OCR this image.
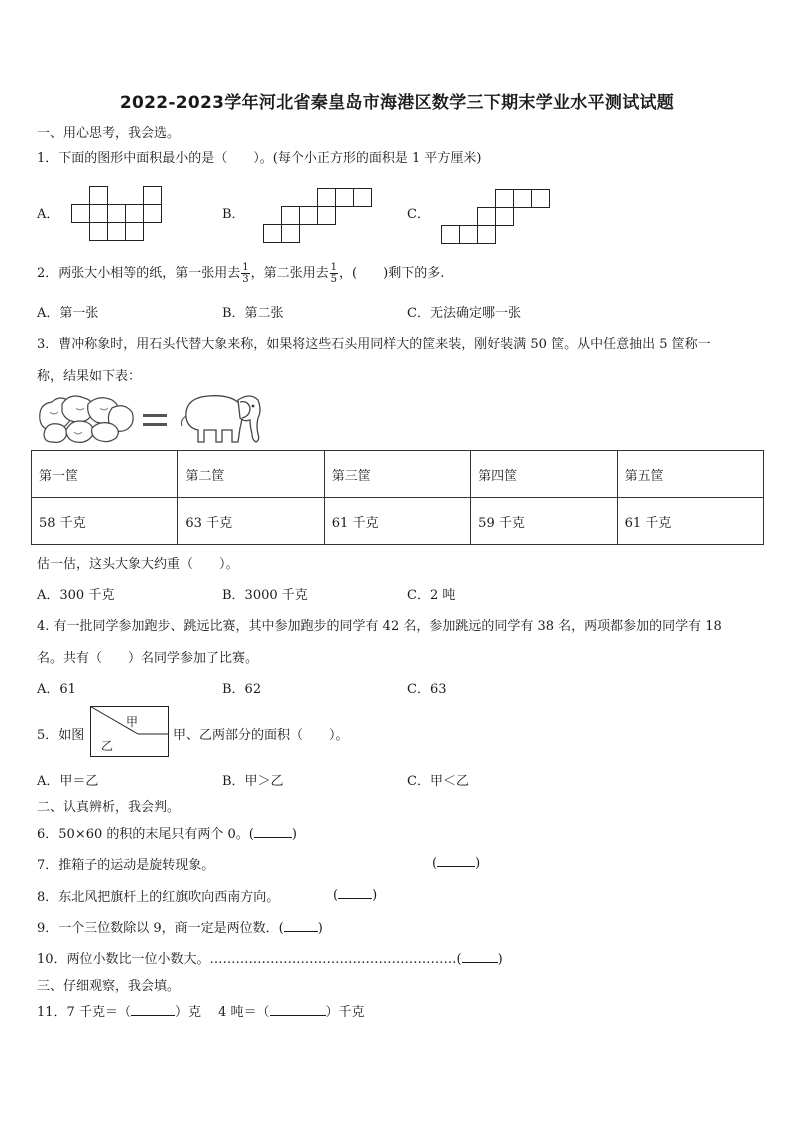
2022-2023学年河北省秦皇岛市海港区数学三下期末学业水平测试试题
一、用心思考，我会选。
1．下面的图形中面积最小的是（　　）。(每个小正方形的面积是 1 平方厘米)
A．	B．	C．
2．两张大小相等的纸，第一张用去 $\frac{1}{3}$ ，第二张用去 $\frac{1}{5}$ ，(　　)剩下的多.
A．第一张	B．第二张	C．无法确定哪一张
3．曹冲称象时，用石头代替大象来称，如果将这些石头用同样大的筐来装，刚好装满 50 筐。从中任意抽出 5 筐称一
称，结果如下表：
第一筐	第二筐	第三筐	第四筐	第五筐
58 千克	63 千克	61 千克	59 千克	61 千克
估一估，这头大象大约重（　　）。
A．300 千克	B．3000 千克	C．2 吨
4. 有一批同学参加跑步、跳远比赛，其中参加跑步的同学有 42 名，参加跳远的同学有 38 名，两项都参加的同学有 18
名。共有（　　）名同学参加了比赛。
A．61	B．62	C．63
5．如图
甲
乙
甲、乙两部分的面积（　　）。
A．甲＝乙	B．甲＞乙	C．甲＜乙
二、认真辨析，我会判。
6．50×60 的积的末尾只有两个 0。(	)
7．推箱子的运动是旋转现象。	(	)
8．东北风把旗杆上的红旗吹向西南方向。	(	)
9．一个三位数除以 9，商一定是两位数．(	)
10．两位小数比一位小数大。…………………………………………………(	)
三、仔细观察，我会填。
11．7 千克＝（	）克　 4 吨＝（	）千克
